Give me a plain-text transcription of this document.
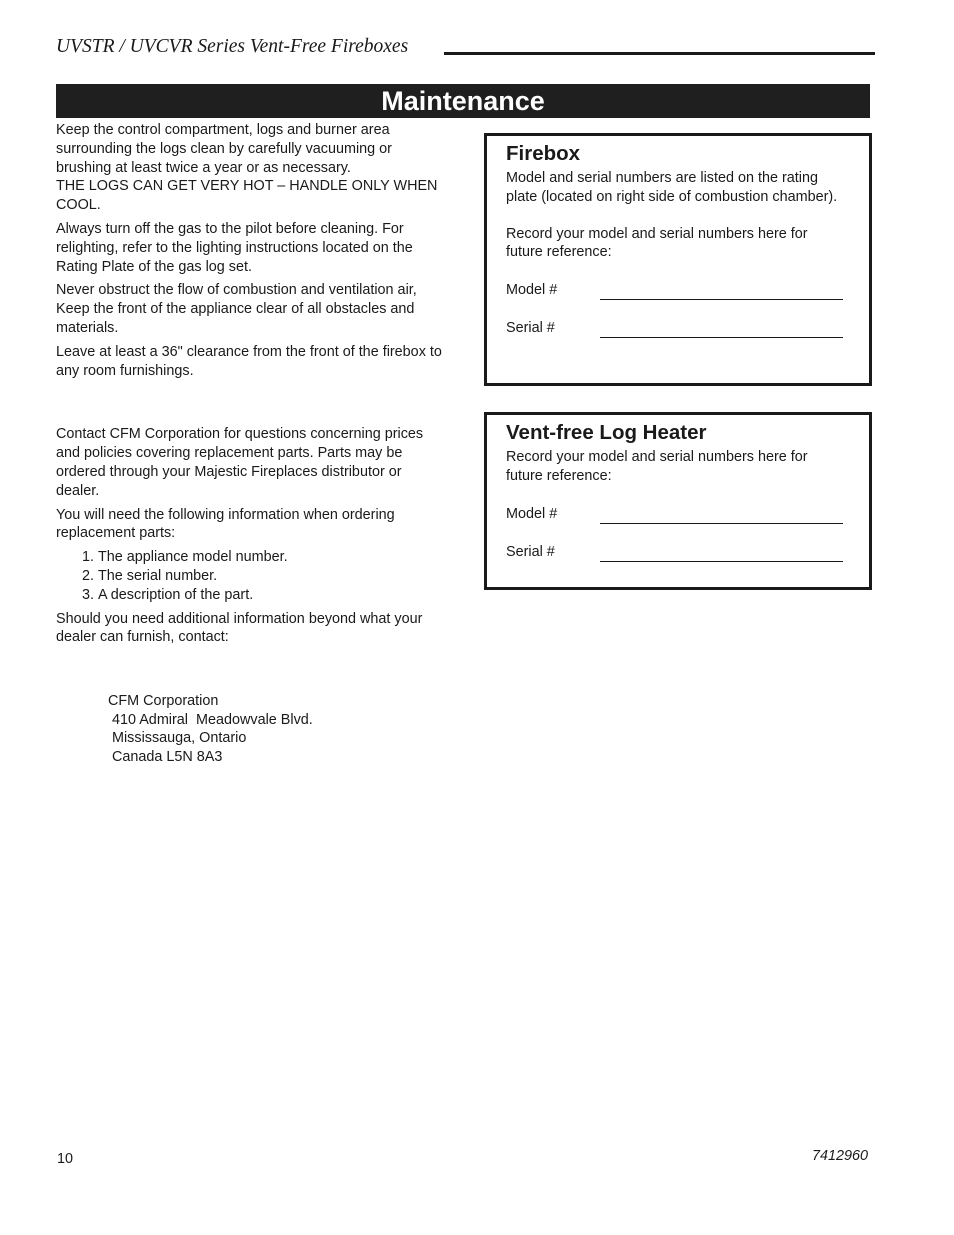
UVSTR / UVCVR Series Vent-Free Fireboxes
Maintenance

Keep the control compartment, logs and burner area surrounding the logs clean by carefully vacuuming or brushing at least twice a year or as necessary.

THE LOGS CAN GET VERY HOT – HANDLE ONLY WHEN COOL.

Always turn off the gas to the pilot before cleaning. For relighting, refer to the lighting instructions located on the Rating Plate of the gas log set.

Never obstruct the flow of combustion and ventilation air, Keep the front of the appliance clear of all obstacles and materials.

Leave at least a 36" clearance from the front of the firebox to any room furnishings.

Contact CFM Corporation for questions concerning prices and policies covering replacement parts. Parts may be ordered through your Majestic Fireplaces distributor or dealer.

You will need the following information when ordering replacement parts:

1. The appliance model number.
2. The serial number.
3. A description of the part.

Should you need additional information beyond what your dealer can furnish, contact:

CFM Corporation
410 Admiral  Meadowvale Blvd.
Mississauga, Ontario
Canada L5N 8A3
Firebox

Model and serial numbers are listed on the rating plate (located on right side of combustion chamber).

Record your model and serial numbers here for future reference:

Model #
Serial #
Vent-free Log Heater

Record your model and serial numbers here for future reference:

Model #
Serial #
10	7412960
